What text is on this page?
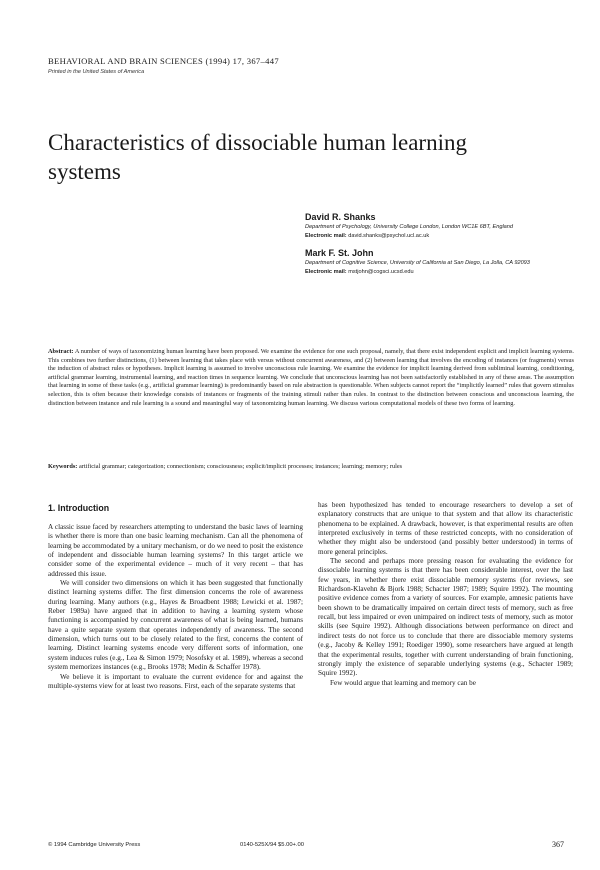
BEHAVIORAL AND BRAIN SCIENCES (1994) 17, 367–447
Printed in the United States of America
Characteristics of dissociable human learning systems
David R. Shanks
Department of Psychology, University College London, London WC1E 6BT, England
Electronic mail: david.shanks@psychol.ucl.ac.uk
Mark F. St. John
Department of Cognitive Science, University of California at San Diego, La Jolla, CA 92093
Electronic mail: mstjohn@cogsci.ucsd.edu

Abstract: A number of ways of taxonomizing human learning have been proposed. We examine the evidence for one such proposal, namely, that there exist independent explicit and implicit learning systems. This combines two further distinctions, (1) between learning that takes place with versus without concurrent awareness, and (2) between learning that involves the encoding of instances (or fragments) versus the induction of abstract rules or hypotheses. Implicit learning is assumed to involve unconscious rule learning. We examine the evidence for implicit learning derived from subliminal learning, conditioning, artificial grammar learning, instrumental learning, and reaction times in sequence learning. We conclude that unconscious learning has not been satisfactorily established in any of these areas. The assumption that learning in some of these tasks (e.g., artificial grammar learning) is predominantly based on rule abstraction is questionable. When subjects cannot report the “implicitly learned” rules that govern stimulus selection, this is often because their knowledge consists of instances or fragments of the training stimuli rather than rules. In contrast to the distinction between conscious and unconscious learning, the distinction between instance and rule learning is a sound and meaningful way of taxonomizing human learning. We discuss various computational models of these two forms of learning.

Keywords: artificial grammar; categorization; connectionism; consciousness; explicit/implicit processes; instances; learning; memory; rules

1. Introduction

A classic issue faced by researchers attempting to understand the basic laws of learning is whether there is more than one basic learning mechanism. Can all the phenomena of learning be accommodated by a unitary mechanism, or do we need to posit the existence of independent and dissociable human learning systems? In this target article we consider some of the experimental evidence – much of it very recent – that has addressed this issue.

We will consider two dimensions on which it has been suggested that functionally distinct learning systems differ. The first dimension concerns the role of awareness during learning. Many authors (e.g., Hayes & Broadbent 1988; Lewicki et al. 1987; Reber 1989a) have argued that in addition to having a learning system whose functioning is accompanied by concurrent awareness of what is being learned, humans have a quite separate system that operates independently of awareness. The second dimension, which turns out to be closely related to the first, concerns the content of learning. Distinct learning systems encode very different sorts of information, one system induces rules (e.g., Lea & Simon 1979; Nosofsky et al. 1989), whereas a second system memorizes instances (e.g., Brooks 1978; Medin & Schaffer 1978).

We believe it is important to evaluate the current evidence for and against the multiple-systems view for at least two reasons. First, each of the separate systems that

has been hypothesized has tended to encourage researchers to develop a set of explanatory constructs that are unique to that system and that allow its characteristic phenomena to be explained. A drawback, however, is that experimental results are often interpreted exclusively in terms of these restricted concepts, with no consideration of whether they might also be understood (and possibly better understood) in terms of more general principles.

The second and perhaps more pressing reason for evaluating the evidence for dissociable learning systems is that there has been considerable interest, over the last few years, in whether there exist dissociable memory systems (for reviews, see Richardson-Klavehn & Bjork 1988; Schacter 1987; 1989; Squire 1992). The mounting positive evidence comes from a variety of sources. For example, amnesic patients have been shown to be dramatically impaired on certain direct tests of memory, such as free recall, but less impaired or even unimpaired on indirect tests of memory, such as motor skills (see Squire 1992). Although dissociations between performance on direct and indirect tests do not force us to conclude that there are dissociable memory systems (e.g., Jacoby & Kelley 1991; Roediger 1990), some researchers have argued at length that the experimental results, together with current understanding of brain functioning, strongly imply the existence of separable underlying systems (e.g., Schacter 1989; Squire 1992).

Few would argue that learning and memory can be

© 1994 Cambridge University Press	0140-525X/94 $5.00+.00	367
